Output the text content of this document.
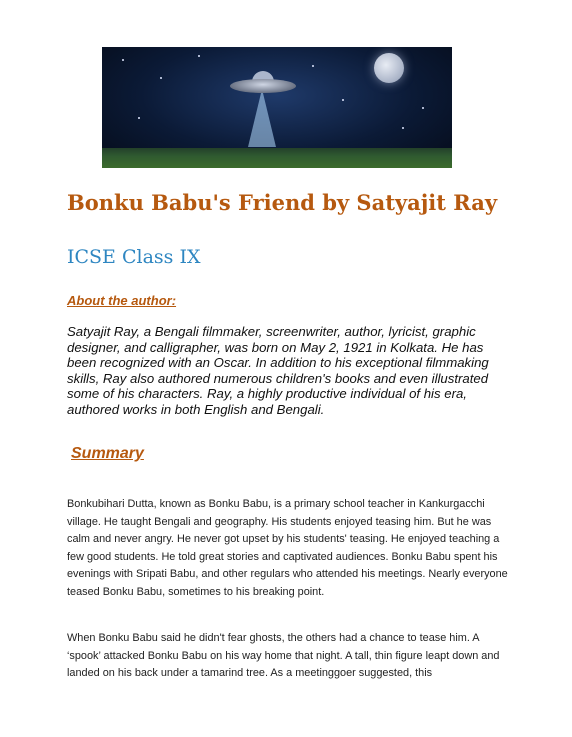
Bonku Babu's Friend by Satyajit Ray
ICSE Class IX
About the author:
Satyajit Ray, a Bengali filmmaker, screenwriter, author, lyricist, graphic designer, and calligrapher, was born on May 2, 1921 in Kolkata. He has been recognized with an Oscar. In addition to his exceptional filmmaking skills, Ray also authored numerous children's books and even illustrated some of his characters. Ray, a highly productive individual of his era, authored works in both English and Bengali.
Summary
Bonkubihari Dutta, known as Bonku Babu, is a primary school teacher in Kankurgacchi village. He taught Bengali and geography. His students enjoyed teasing him. But he was calm and never angry. He never got upset by his students' teasing. He enjoyed teaching a few good students. He told great stories and captivated audiences. Bonku Babu spent his evenings with Sripati Babu, and other regulars who attended his meetings. Nearly everyone teased Bonku Babu, sometimes to his breaking point.
When Bonku Babu said he didn't fear ghosts, the others had a chance to tease him. A ‘spook’ attacked Bonku Babu on his way home that night. A tall, thin figure leapt down and landed on his back under a tamarind tree. As a meetinggoer suggested, this
